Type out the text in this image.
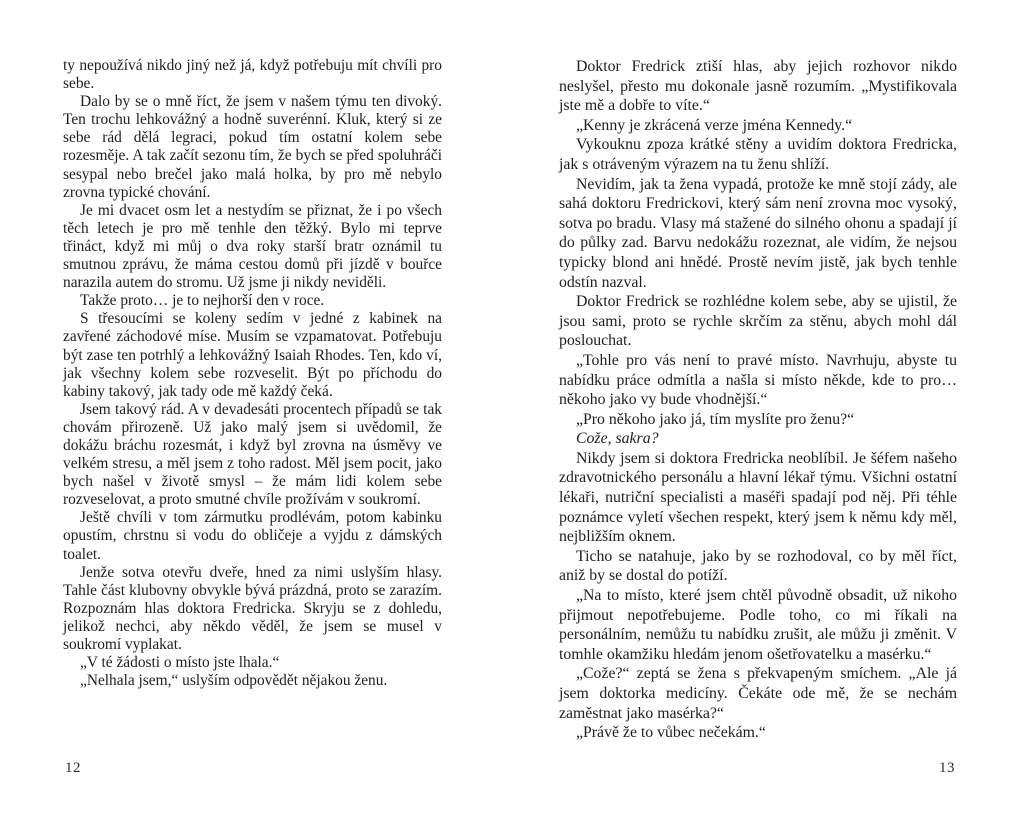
ty nepoužívá nikdo jiný než já, když potřebuju mít chvíli pro sebe.

Dalo by se o mně říct, že jsem v našem týmu ten divoký. Ten trochu lehkovážný a hodně suverénní. Kluk, který si ze sebe rád dělá legraci, pokud tím ostatní kolem sebe rozesměje. A tak začít sezonu tím, že bych se před spoluhráči sesypal nebo brečel jako malá holka, by pro mě nebylo zrovna typické chování.

Je mi dvacet osm let a nestydím se přiznat, že i po všech těch letech je pro mě tenhle den těžký. Bylo mi teprve třináct, když mi můj o dva roky starší bratr oznámil tu smutnou zprávu, že máma cestou domů při jízdě v bouřce narazila autem do stromu. Už jsme ji nikdy neviděli.

Takže proto… je to nejhorší den v roce.

S třesoucími se koleny sedím v jedné z kabinek na zavřené záchodové míse. Musím se vzpamatovat. Potřebuju být zase ten potrhlý a lehkovážný Isaiah Rhodes. Ten, kdo ví, jak všechny kolem sebe rozveselit. Být po příchodu do kabiny takový, jak tady ode mě každý čeká.

Jsem takový rád. A v devadesáti procentech případů se tak chovám přirozeně. Už jako malý jsem si uvědomil, že dokážu bráchu rozesmát, i když byl zrovna na úsměvy ve velkém stresu, a měl jsem z toho radost. Měl jsem pocit, jako bych našel v životě smysl – že mám lidi kolem sebe rozveselovat, a proto smutné chvíle prožívám v soukromí.

Ještě chvíli v tom zármutku prodlévám, potom kabinku opustím, chrstnu si vodu do obličeje a vyjdu z dámských toalet.

Jenže sotva otevřu dveře, hned za nimi uslyším hlasy. Tahle část klubovny obvykle bývá prázdná, proto se zarazím. Rozpoznám hlas doktora Fredricka. Skryju se z dohledu, jelikož nechci, aby někdo věděl, že jsem se musel v soukromí vyplakat.

„V té žádosti o místo jste lhala.“

„Nelhala jsem,“ uslyším odpovědět nějakou ženu.

12

Doktor Fredrick ztiší hlas, aby jejich rozhovor nikdo neslyšel, přesto mu dokonale jasně rozumím. „Mystifikovala jste mě a dobře to víte.“

„Kenny je zkrácená verze jména Kennedy.“

Vykouknu zpoza krátké stěny a uvidím doktora Fredricka, jak s otráveným výrazem na tu ženu shlíží.

Nevidím, jak ta žena vypadá, protože ke mně stojí zády, ale sahá doktoru Fredrickovi, který sám není zrovna moc vysoký, sotva po bradu. Vlasy má stažené do silného ohonu a spadají jí do půlky zad. Barvu nedokážu rozeznat, ale vidím, že nejsou typicky blond ani hnědé. Prostě nevím jistě, jak bych tenhle odstín nazval.

Doktor Fredrick se rozhlédne kolem sebe, aby se ujistil, že jsou sami, proto se rychle skrčím za stěnu, abych mohl dál poslouchat.

„Tohle pro vás není to pravé místo. Navrhuju, abyste tu nabídku práce odmítla a našla si místo někde, kde to pro… někoho jako vy bude vhodnější.“

„Pro někoho jako já, tím myslíte pro ženu?“

Cože, sakra?

Nikdy jsem si doktora Fredricka neoblíbil. Je šéfem našeho zdravotnického personálu a hlavní lékař týmu. Všichni ostatní lékaři, nutriční specialisti a maséři spadají pod něj. Při téhle poznámce vyletí všechen respekt, který jsem k němu kdy měl, nejbližším oknem.

Ticho se natahuje, jako by se rozhodoval, co by měl říct, aniž by se dostal do potíží.

„Na to místo, které jsem chtěl původně obsadit, už nikoho přijmout nepotřebujeme. Podle toho, co mi říkali na personálním, nemůžu tu nabídku zrušit, ale můžu ji změnit. V tomhle okamžiku hledám jenom ošetřovatelku a masérku.“

„Cože?“ zeptá se žena s překvapeným smíchem. „Ale já jsem doktorka medicíny. Čekáte ode mě, že se nechám zaměstnat jako masérka?“

„Právě že to vůbec nečekám.“

13
